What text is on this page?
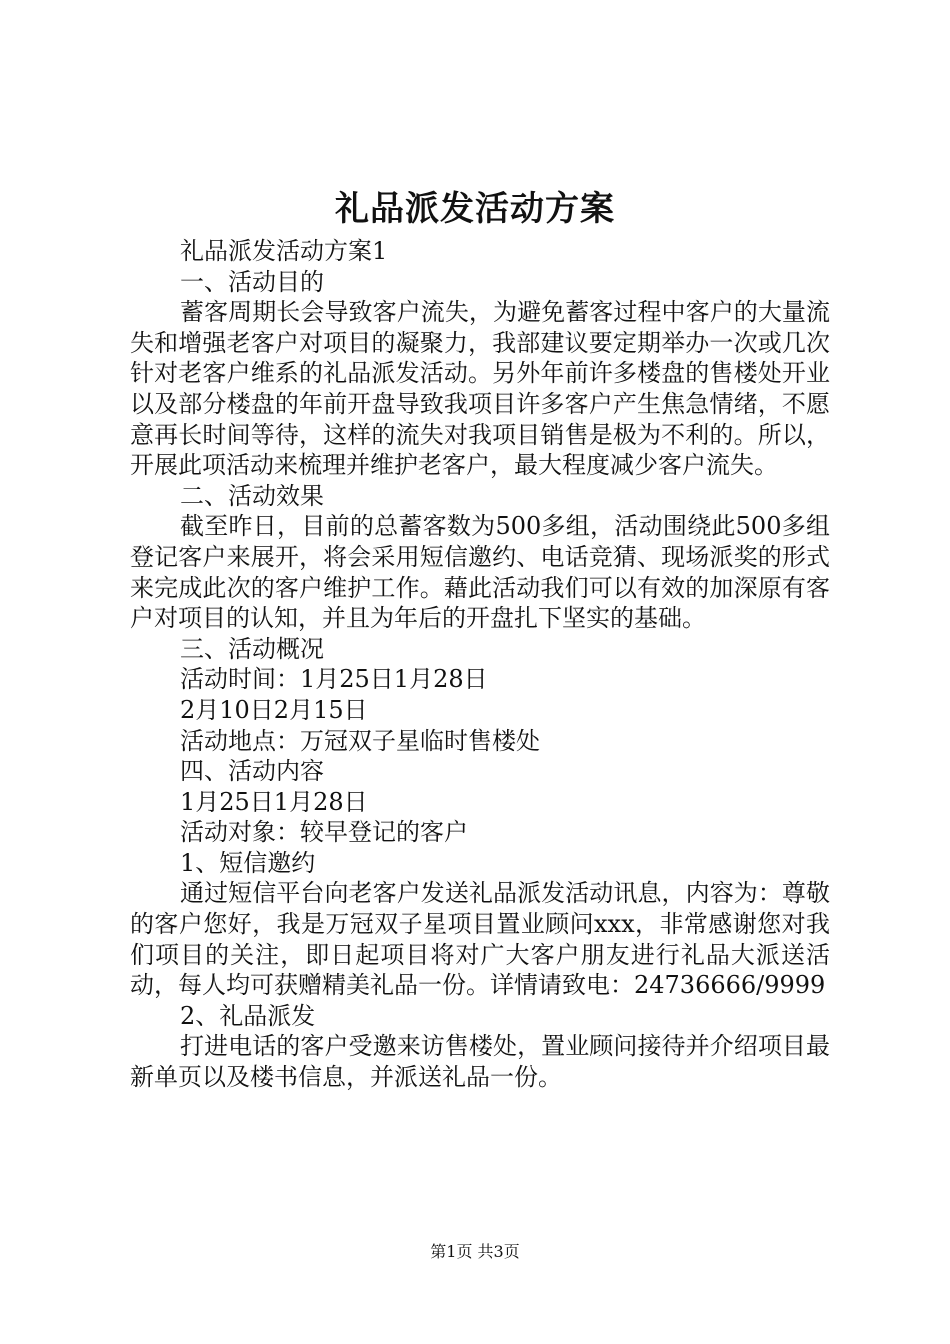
礼品派发活动方案

礼品派发活动方案1

一、活动目的

蓄客周期长会导致客户流失，为避免蓄客过程中客户的大量流失和增强老客户对项目的凝聚力，我部建议要定期举办一次或几次针对老客户维系的礼品派发活动。另外年前许多楼盘的售楼处开业以及部分楼盘的年前开盘导致我项目许多客户产生焦急情绪，不愿意再长时间等待，这样的流失对我项目销售是极为不利的。所以，开展此项活动来梳理并维护老客户，最大程度减少客户流失。

二、活动效果

截至昨日，目前的总蓄客数为500多组，活动围绕此500多组登记客户来展开，将会采用短信邀约、电话竞猜、现场派奖的形式来完成此次的客户维护工作。藉此活动我们可以有效的加深原有客户对项目的认知，并且为年后的开盘扎下坚实的基础。

三、活动概况

活动时间：1月25日1月28日

2月10日2月15日

活动地点：万冠双子星临时售楼处

四、活动内容

1月25日1月28日

活动对象：较早登记的客户

1、短信邀约

通过短信平台向老客户发送礼品派发活动讯息，内容为：尊敬的客户您好，我是万冠双子星项目置业顾问xxx，非常感谢您对我们项目的关注，即日起项目将对广大客户朋友进行礼品大派送活动，每人均可获赠精美礼品一份。详情请致电：24736666/9999

2、礼品派发

打进电话的客户受邀来访售楼处，置业顾问接待并介绍项目最新单页以及楼书信息，并派送礼品一份。

第1页 共3页
